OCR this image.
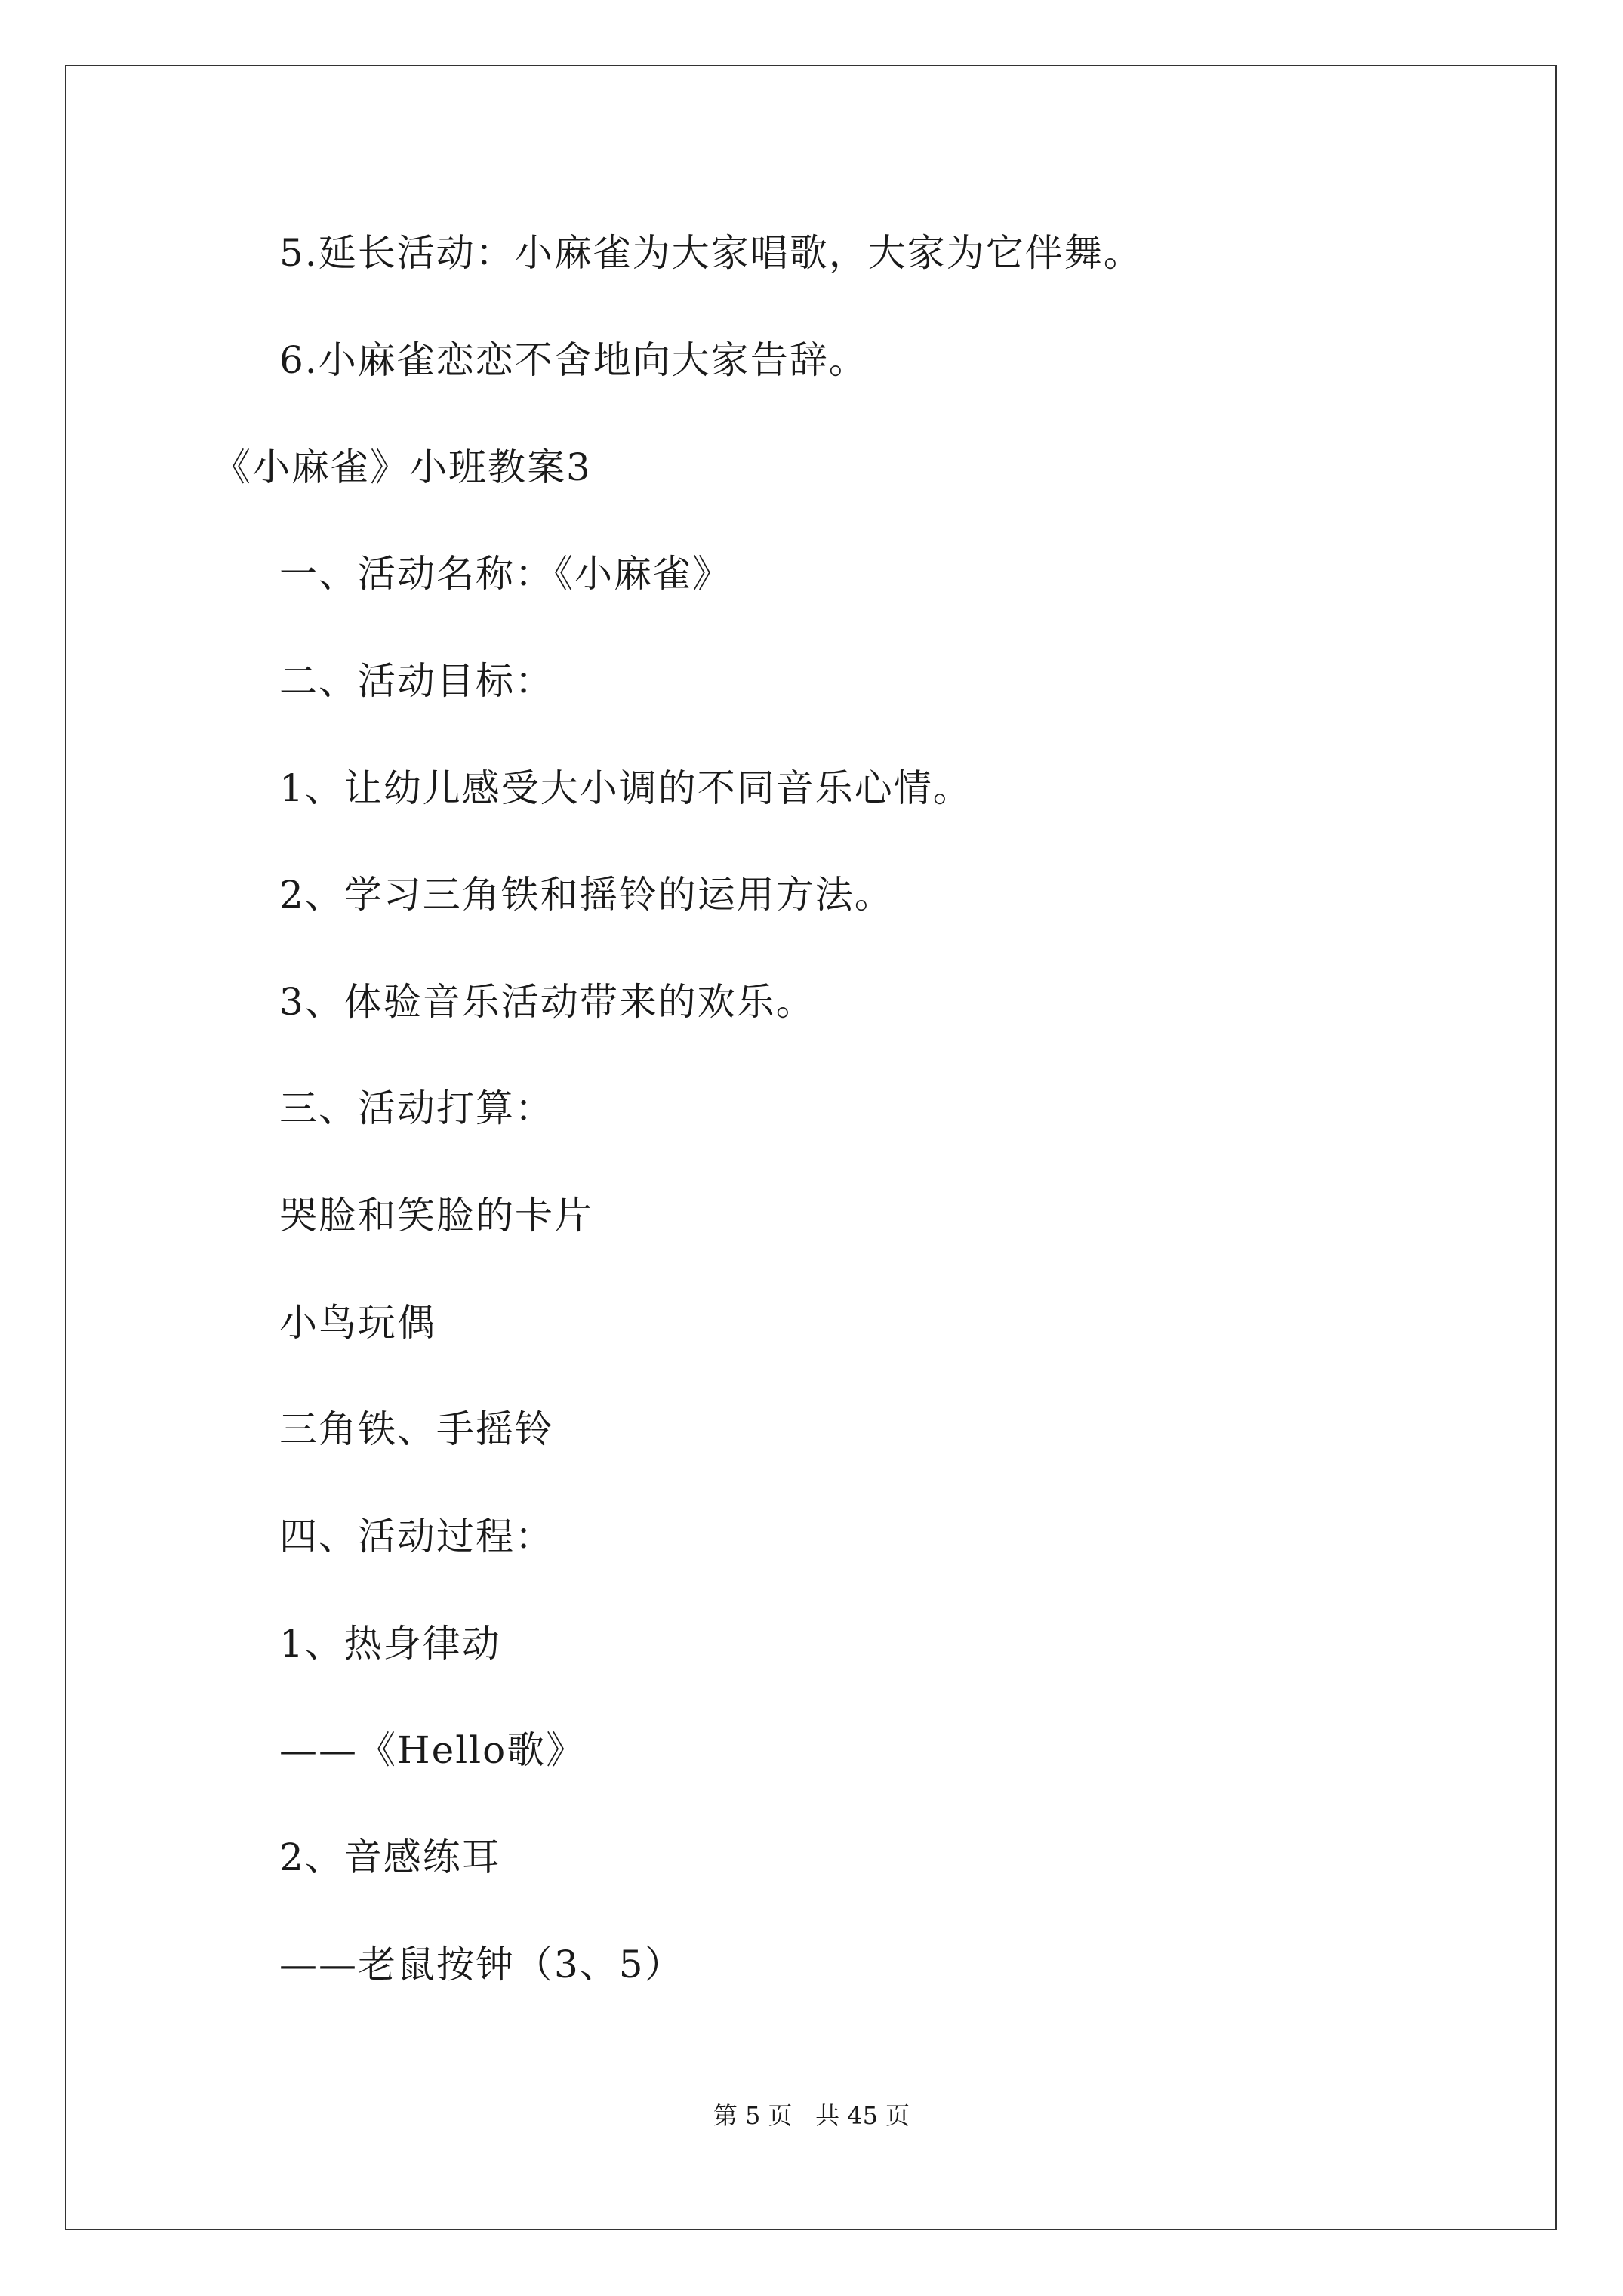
5.延长活动：小麻雀为大家唱歌，大家为它伴舞。
6.小麻雀恋恋不舍地向大家告辞。
《小麻雀》小班教案3
一、活动名称：《小麻雀》
二、活动目标：
1、让幼儿感受大小调的不同音乐心情。
2、学习三角铁和摇铃的运用方法。
3、体验音乐活动带来的欢乐。
三、活动打算：
哭脸和笑脸的卡片
小鸟玩偶
三角铁、手摇铃
四、活动过程：
1、热身律动
——《Hello歌》
2、音感练耳
——老鼠按钟（3、5）
第 5 页   共 45 页
